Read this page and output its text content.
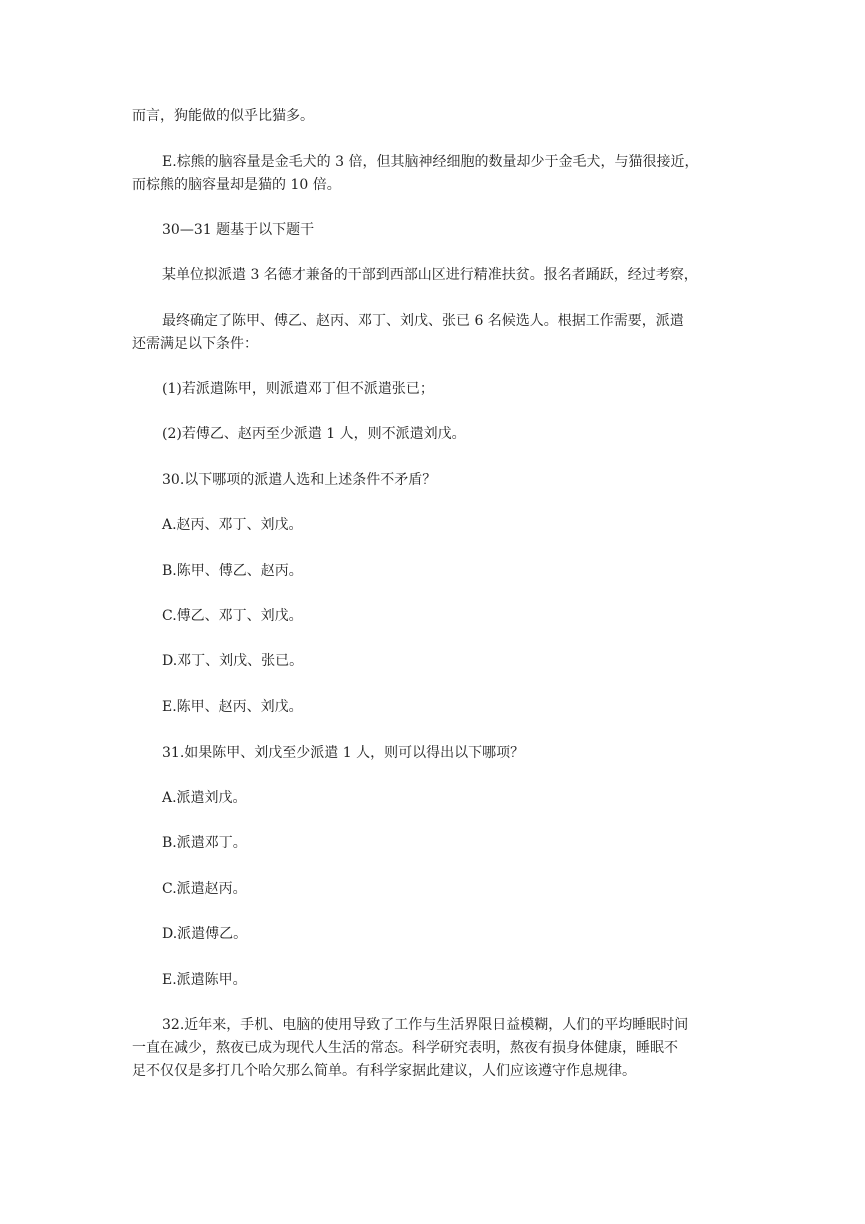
而言，狗能做的似乎比猫多。
E.棕熊的脑容量是金毛犬的 3 倍，但其脑神经细胞的数量却少于金毛犬，与猫很接近，
而棕熊的脑容量却是猫的 10 倍。
30—31 题基于以下题干
某单位拟派遣 3 名德才兼备的干部到西部山区进行精准扶贫。报名者踊跃，经过考察，
最终确定了陈甲、傅乙、赵丙、邓丁、刘戊、张已 6 名候选人。根据工作需要，派遣
还需满足以下条件：
(1)若派遣陈甲，则派遣邓丁但不派遣张已；
(2)若傅乙、赵丙至少派遣 1 人，则不派遣刘戊。
30.以下哪项的派遣人选和上述条件不矛盾？
A.赵丙、邓丁、刘戊。
B.陈甲、傅乙、赵丙。
C.傅乙、邓丁、刘戊。
D.邓丁、刘戊、张已。
E.陈甲、赵丙、刘戊。
31.如果陈甲、刘戊至少派遣 1 人，则可以得出以下哪项？
A.派遣刘戊。
B.派遣邓丁。
C.派遣赵丙。
D.派遣傅乙。
E.派遣陈甲。
32.近年来，手机、电脑的使用导致了工作与生活界限日益模糊，人们的平均睡眠时间
一直在减少，熬夜已成为现代人生活的常态。科学研究表明，熬夜有损身体健康，睡眠不
足不仅仅是多打几个哈欠那么简单。有科学家据此建议，人们应该遵守作息规律。
